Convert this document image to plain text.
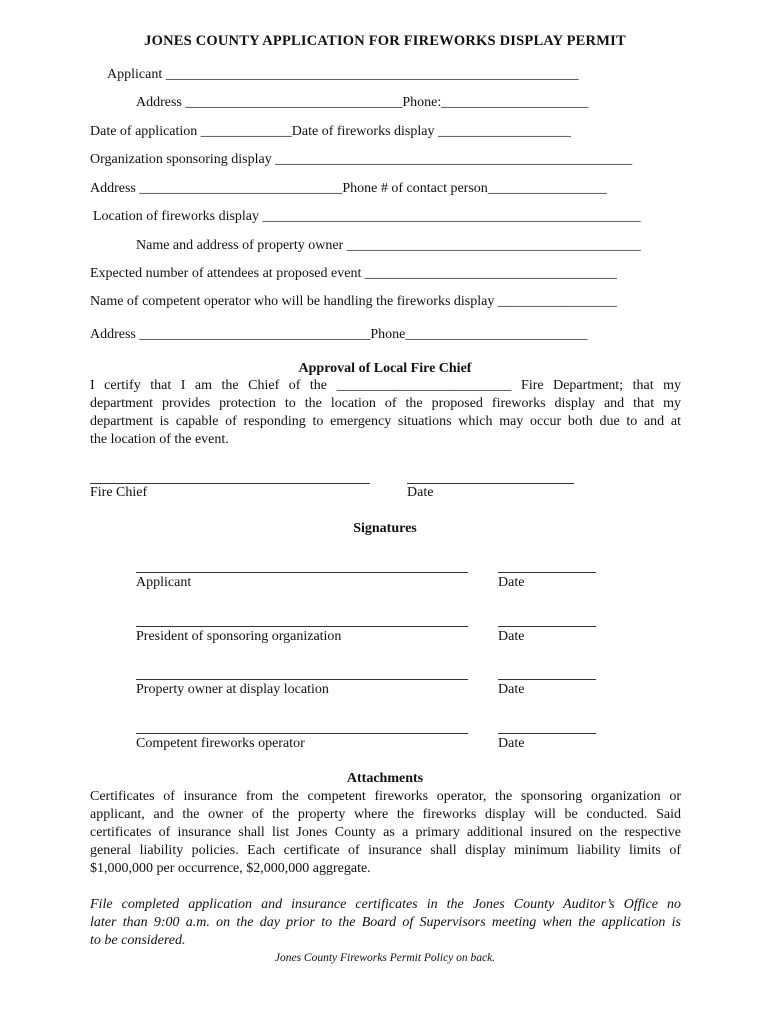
JONES COUNTY APPLICATION FOR FIREWORKS DISPLAY PERMIT
Applicant ___________________________________________________________
Address _______________________________Phone:_____________________
Date of application _____________Date of fireworks display ___________________
Organization sponsoring display ___________________________________________________
Address _____________________________Phone # of contact person_________________
Location of fireworks display ______________________________________________________
Name and address of property owner __________________________________________
Expected number of attendees at proposed event ____________________________________
Name of competent operator who will be handling the fireworks display _________________
Address _________________________________Phone__________________________
Approval of Local Fire Chief
I certify that I am the Chief of the _________________________ Fire Department; that my
department provides protection to the location of the proposed fireworks display and that my
department is capable of responding to emergency situations which may occur both due to and at
the location of the event.
Fire Chief	Date
Signatures
Applicant	Date
President of sponsoring organization	Date
Property owner at display location	Date
Competent fireworks operator	Date
Attachments
Certificates of insurance from the competent fireworks operator, the sponsoring organization or
applicant, and the owner of the property where the fireworks display will be conducted. Said
certificates of insurance shall list Jones County as a primary additional insured on the respective
general liability policies. Each certificate of insurance shall display minimum liability limits of
$1,000,000 per occurrence, $2,000,000 aggregate.
File completed application and insurance certificates in the Jones County Auditor’s Office no
later than 9:00 a.m. on the day prior to the Board of Supervisors meeting when the application is
to be considered.
Jones County Fireworks Permit Policy on back.
